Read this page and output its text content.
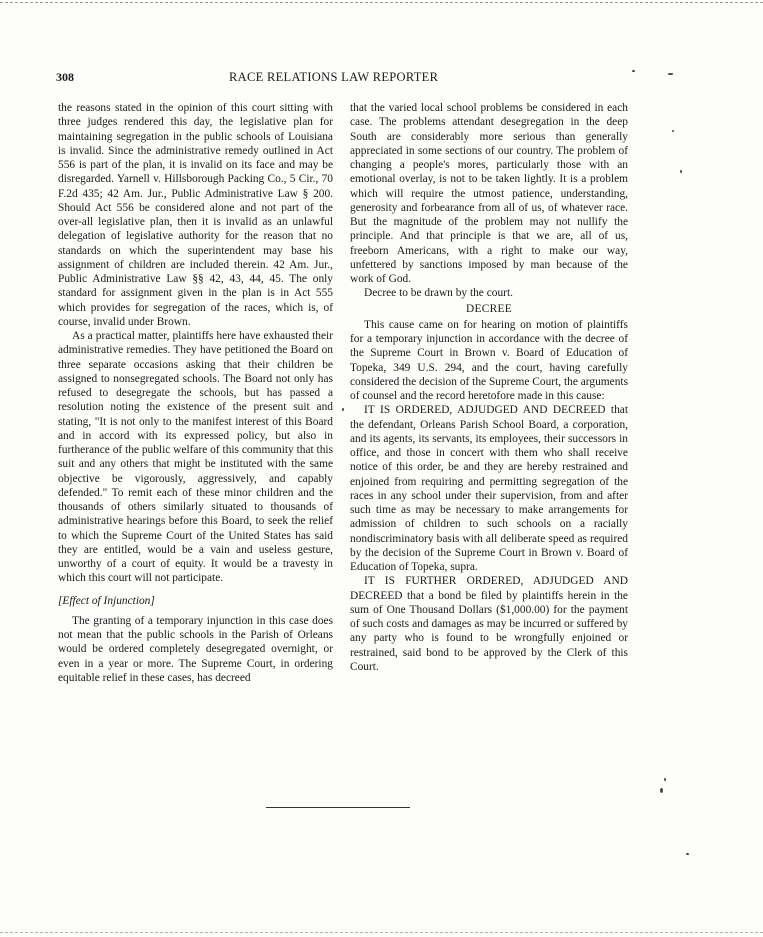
308	RACE RELATIONS LAW REPORTER

the reasons stated in the opinion of this court sitting with three judges rendered this day, the legislative plan for maintaining segregation in the public schools of Louisiana is invalid. Since the administrative remedy outlined in Act 556 is part of the plan, it is invalid on its face and may be disregarded. Yarnell v. Hillsborough Packing Co., 5 Cir., 70 F.2d 435; 42 Am. Jur., Public Administrative Law § 200. Should Act 556 be considered alone and not part of the over-all legislative plan, then it is invalid as an unlawful delegation of legislative authority for the reason that no standards on which the superintendent may base his assignment of children are included therein. 42 Am. Jur., Public Administrative Law §§ 42, 43, 44, 45. The only standard for assignment given in the plan is in Act 555 which provides for segregation of the races, which is, of course, invalid under Brown.

As a practical matter, plaintiffs here have exhausted their administrative remedies. They have petitioned the Board on three separate occasions asking that their children be assigned to nonsegregated schools. The Board not only has refused to desegregate the schools, but has passed a resolution noting the existence of the present suit and stating, "It is not only to the manifest interest of this Board and in accord with its expressed policy, but also in furtherance of the public welfare of this community that this suit and any others that might be instituted with the same objective be vigorously, aggressively, and capably defended." To remit each of these minor children and the thousands of others similarly situated to thousands of administrative hearings before this Board, to seek the relief to which the Supreme Court of the United States has said they are entitled, would be a vain and useless gesture, unworthy of a court of equity. It would be a travesty in which this court will not participate.

[Effect of Injunction]

The granting of a temporary injunction in this case does not mean that the public schools in the Parish of Orleans would be ordered completely desegregated overnight, or even in a year or more. The Supreme Court, in ordering equitable relief in these cases, has decreed

that the varied local school problems be considered in each case. The problems attendant desegregation in the deep South are considerably more serious than generally appreciated in some sections of our country. The problem of changing a people's mores, particularly those with an emotional overlay, is not to be taken lightly. It is a problem which will require the utmost patience, understanding, generosity and forbearance from all of us, of whatever race. But the magnitude of the problem may not nullify the principle. And that principle is that we are, all of us, freeborn Americans, with a right to make our way, unfettered by sanctions imposed by man because of the work of God.

Decree to be drawn by the court.

DECREE

This cause came on for hearing on motion of plaintiffs for a temporary injunction in accordance with the decree of the Supreme Court in Brown v. Board of Education of Topeka, 349 U.S. 294, and the court, having carefully considered the decision of the Supreme Court, the arguments of counsel and the record heretofore made in this cause:

IT IS ORDERED, ADJUDGED AND DECREED that the defendant, Orleans Parish School Board, a corporation, and its agents, its servants, its employees, their successors in office, and those in concert with them who shall receive notice of this order, be and they are hereby restrained and enjoined from requiring and permitting segregation of the races in any school under their supervision, from and after such time as may be necessary to make arrangements for admission of children to such schools on a racially nondiscriminatory basis with all deliberate speed as required by the decision of the Supreme Court in Brown v. Board of Education of Topeka, supra.

IT IS FURTHER ORDERED, ADJUDGED AND DECREED that a bond be filed by plaintiffs herein in the sum of One Thousand Dollars ($1,000.00) for the payment of such costs and damages as may be incurred or suffered by any party who is found to be wrongfully enjoined or restrained, said bond to be approved by the Clerk of this Court.
